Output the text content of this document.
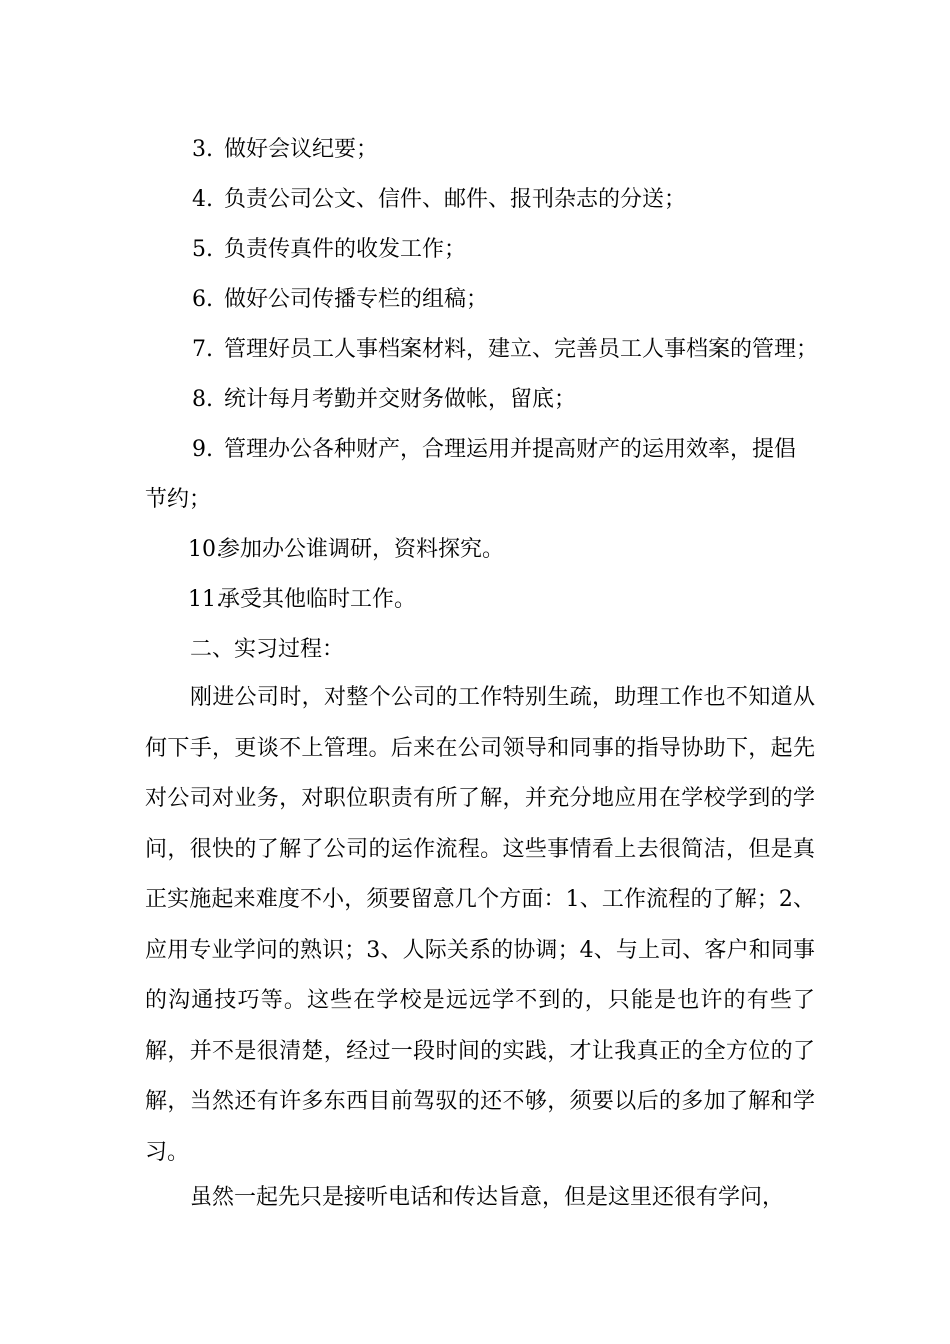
3. 做好会议纪要；
4. 负责公司公文、信件、邮件、报刊杂志的分送；
5. 负责传真件的收发工作；
6. 做好公司传播专栏的组稿；
7. 管理好员工人事档案材料，建立、完善员工人事档案的管理；
8. 统计每月考勤并交财务做帐，留底；
9. 管理办公各种财产，合理运用并提高财产的运用效率，提倡
节约；
10.
参加办公谁调研，资料探究。
11.
承受其他临时工作。
二、实习过程：

刚进公司时，对整个公司的工作特别生疏，助理工作也不知道从何下手，更谈不上管理。后来在公司领导和同事的指导协助下，起先对公司对业务，对职位职责有所了解，并充分地应用在学校学到的学问，很快的了解了公司的运作流程。这些事情看上去很简洁，但是真正实施起来难度不小，须要留意几个方面：1、工作流程的了解；2、应用专业学问的熟识；3、人际关系的协调；4、与上司、客户和同事的沟通技巧等。这些在学校是远远学不到的，只能是也许的有些了解，并不是很清楚，经过一段时间的实践，才让我真正的全方位的了解，当然还有许多东西目前驾驭的还不够，须要以后的多加了解和学习。

虽然一起先只是接听电话和传达旨意，但是这里还很有学问，
